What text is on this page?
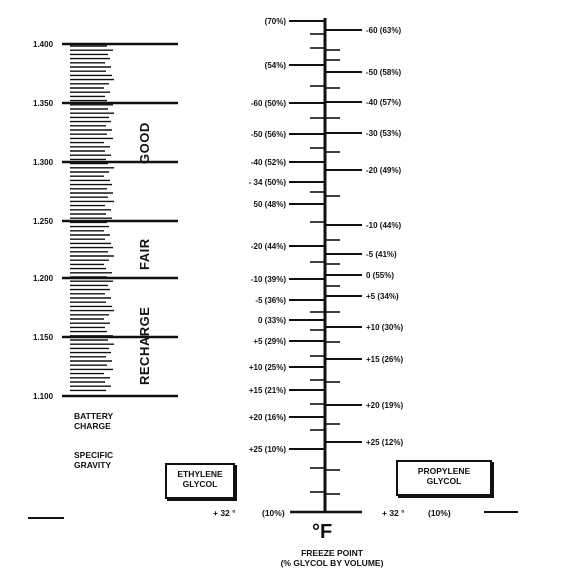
1.400
1.350
1.300
1.250
1.200
1.150
1.100
(70%)
(54%)
-60 (50%)
-50 (56%)
-40 (52%)
- 34 (50%)
50 (48%)
-20 (44%)
-10 (39%)
-5 (36%)
0 (33%)
+5 (29%)
+10 (25%)
+15 (21%)
+20 (16%)
+25 (10%)
-60 (63%)
-50 (58%)
-40 (57%)
-30 (53%)
-20 (49%)
-10 (44%)
-5 (41%)
0 (55%)
+5 (34%)
+10 (30%)
+15 (26%)
+20 (19%)
+25 (12%)
GOOD
FAIR
RECHARGE
BATTERY
CHARGE
SPECIFIC
GRAVITY
ETHYLENE
GLYCOL
PROPYLENE
GLYCOL
+ 32 °	(10%)	+ 32 °	(10%)
°F
FREEZE POINT
(% GLYCOL BY VOLUME)
